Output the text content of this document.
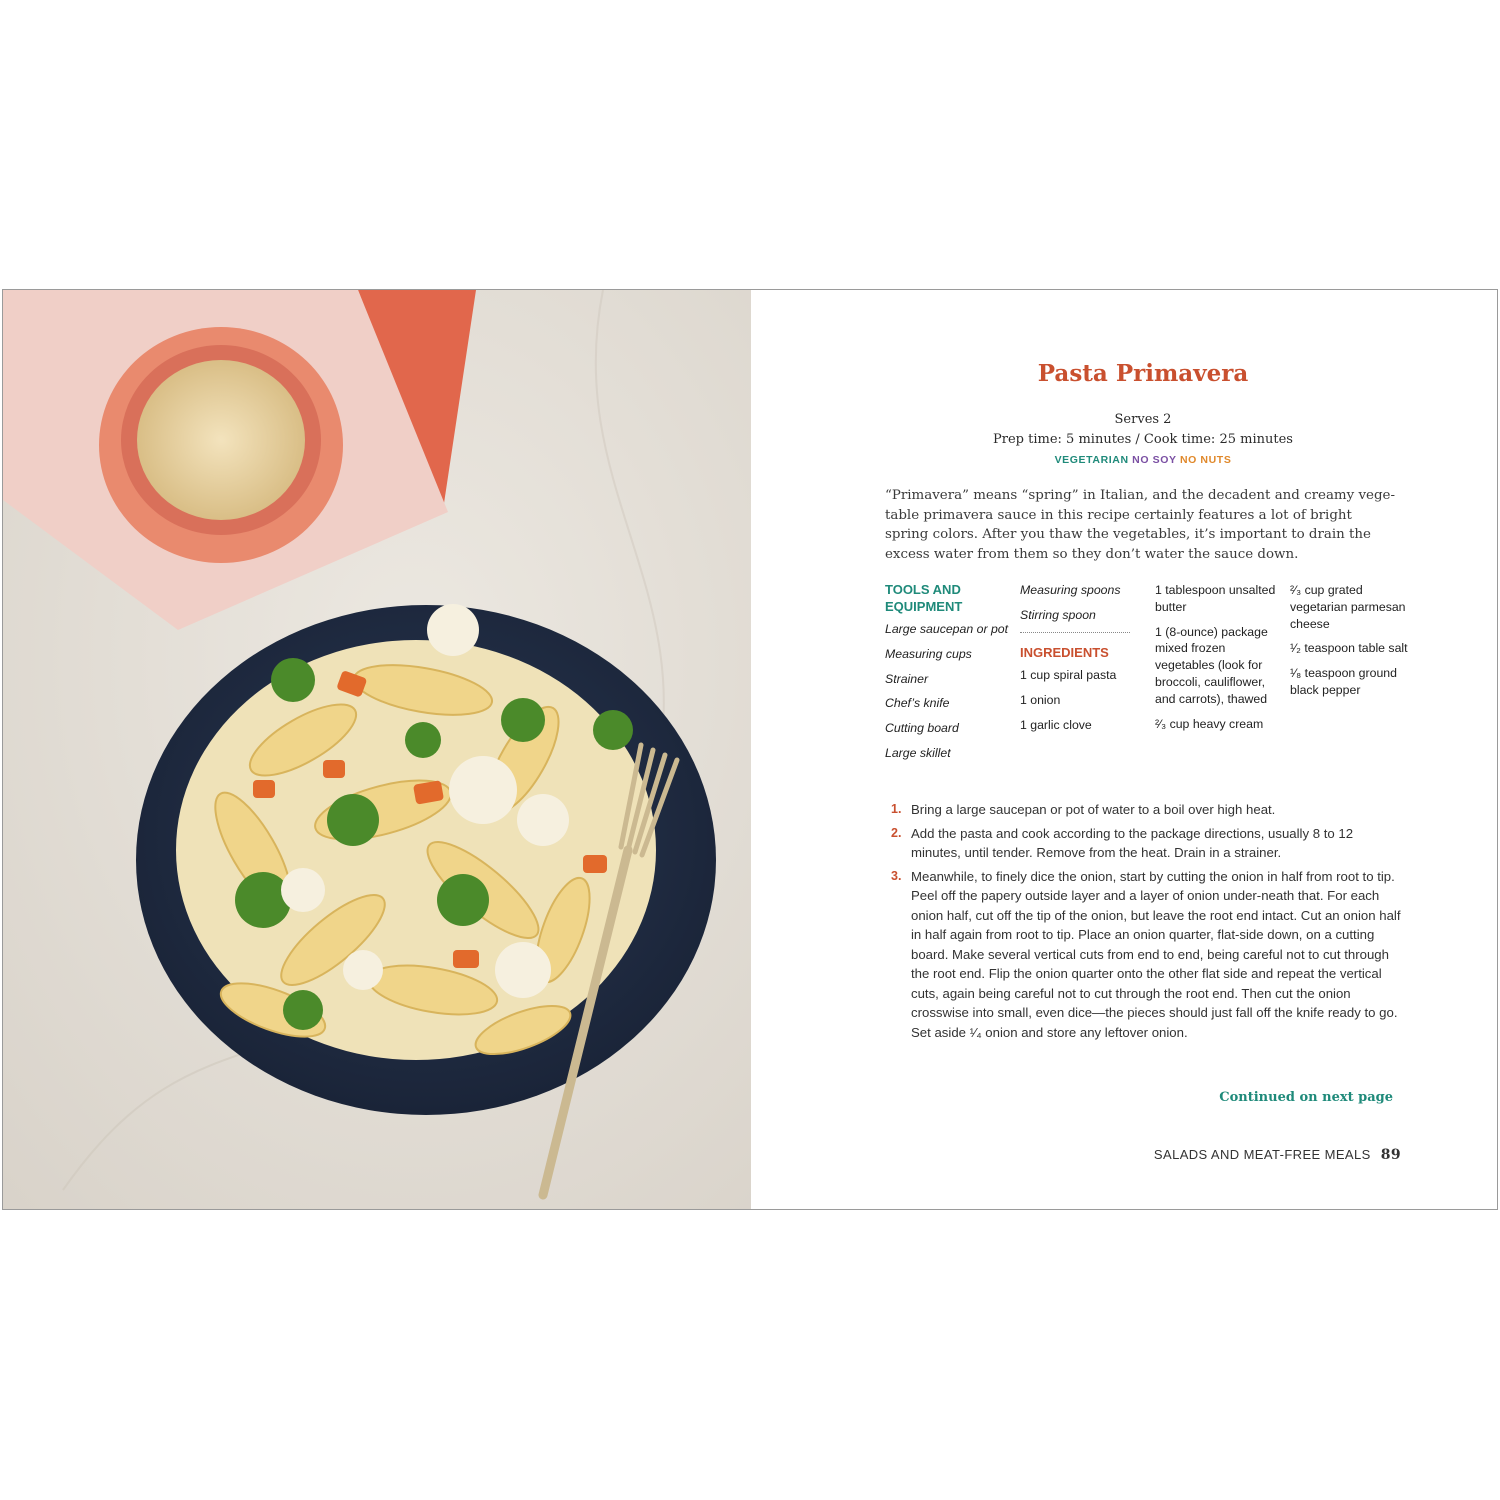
Pasta Primavera
Serves 2
Prep time: 5 minutes / Cook time: 25 minutes
VEGETARIAN NO SOY NO NUTS
“Primavera” means “spring” in Italian, and the decadent and creamy vege-table primavera sauce in this recipe certainly features a lot of bright spring colors. After you thaw the vegetables, it’s important to drain the excess water from them so they don’t water the sauce down.
TOOLS AND EQUIPMENT
Large saucepan or pot
Measuring cups
Strainer
Chef’s knife
Cutting board
Large skillet
Measuring spoons
Stirring spoon
INGREDIENTS
1 cup spiral pasta
1 onion
1 garlic clove
1 tablespoon unsalted butter
1 (8-ounce) package mixed frozen vegetables (look for broccoli, cauliflower, and carrots), thawed
²⁄₃ cup heavy cream
²⁄₃ cup grated vegetarian parmesan cheese
¹⁄₂ teaspoon table salt
¹⁄₈ teaspoon ground black pepper
1. Bring a large saucepan or pot of water to a boil over high heat.
2. Add the pasta and cook according to the package directions, usually 8 to 12 minutes, until tender. Remove from the heat. Drain in a strainer.
3. Meanwhile, to finely dice the onion, start by cutting the onion in half from root to tip. Peel off the papery outside layer and a layer of onion under-neath that. For each onion half, cut off the tip of the onion, but leave the root end intact. Cut an onion half in half again from root to tip. Place an onion quarter, flat-side down, on a cutting board. Make several vertical cuts from end to end, being careful not to cut through the root end. Flip the onion quarter onto the other flat side and repeat the vertical cuts, again being careful not to cut through the root end. Then cut the onion crosswise into small, even dice—the pieces should just fall off the knife ready to go. Set aside ¹⁄₄ onion and store any leftover onion.
Continued on next page
SALADS AND MEAT-FREE MEALS 89
